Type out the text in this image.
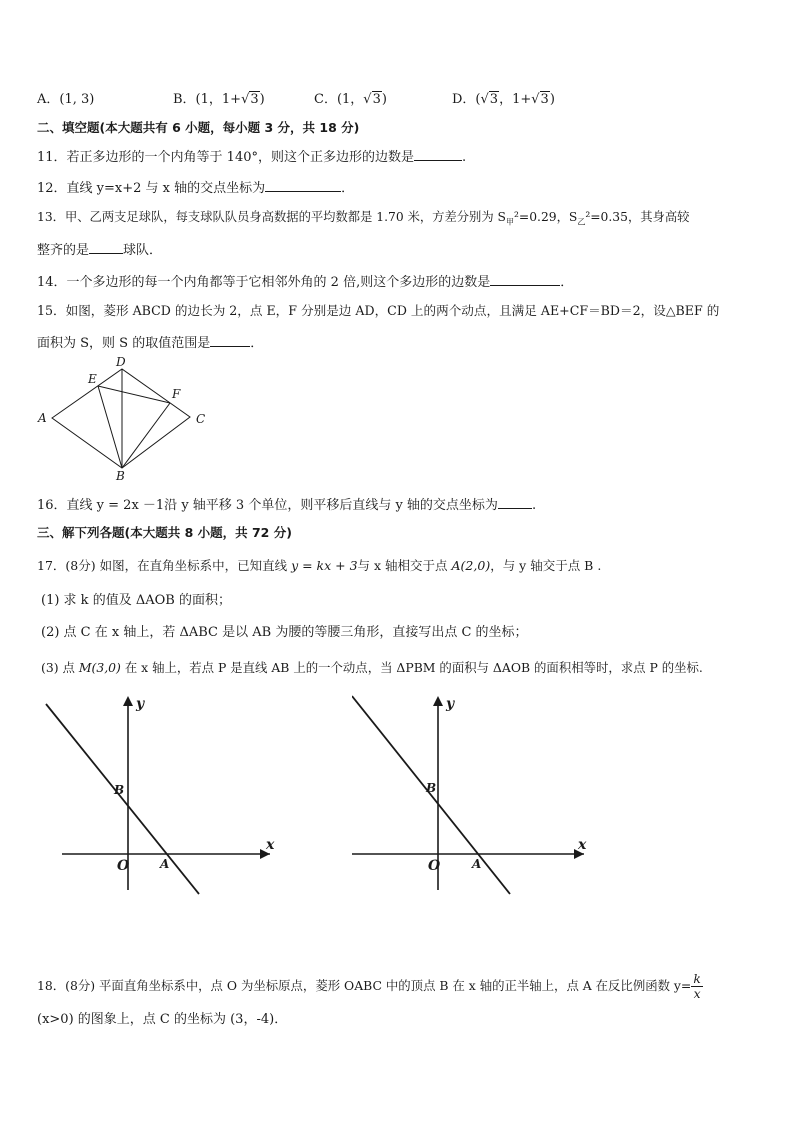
A．(1, 3)	B．(1，1+√3)	C．(1，√3)	D．(√3，1+√3)
二、填空题(本大题共有 6 小题，每小题 3 分，共 18 分)
11．若正多边形的一个内角等于 140°，则这个正多边形的边数是	.
12．直线 y=x+2 与 x 轴的交点坐标为	．
13．甲、乙两支足球队，每支球队队员身高数据的平均数都是 1.70 米，方差分别为 $S_甲^2=0.29$，$S_乙^2=0.35$，其身高较
整齐的是	球队．
14．一个多边形的每一个内角都等于它相邻外角的 2 倍,则这个多边形的边数是	．
15．如图，菱形 ABCD 的边长为 2，点 E，F 分别是边 AD，CD 上的两个动点，且满足 AE+CF＝BD＝2，设△BEF 的
面积为 S，则 S 的取值范围是	．
A
B
C
D
E
F
16．直线 y = 2x －1沿 y 轴平移 3 个单位，则平移后直线与 y 轴的交点坐标为	.
三、解下列各题(本大题共 8 小题，共 72 分)
17．(8分) 如图，在直角坐标系中，已知直线 y = kx + 3与 x 轴相交于点 A(2,0)，与 y 轴交于点 B .
(1) 求 k 的值及 ΔAOB 的面积；
(2) 点 C 在 x 轴上，若 ΔABC 是以 AB 为腰的等腰三角形，直接写出点 C 的坐标；
(3) 点 M(3,0) 在 x 轴上，若点 P 是直线 AB 上的一个动点，当 ΔPBM 的面积与 ΔAOB 的面积相等时，求点 P 的坐标.
y
x
B
O	A
y
x
B
O	A
18．(8分) 平面直角坐标系中，点 O 为坐标原点，菱形 OABC 中的顶点 B 在 x 轴的正半轴上，点 A 在反比例函数 $y= \frac{k}{x}$
(x>0) 的图象上，点 C 的坐标为 (3，-4)．
